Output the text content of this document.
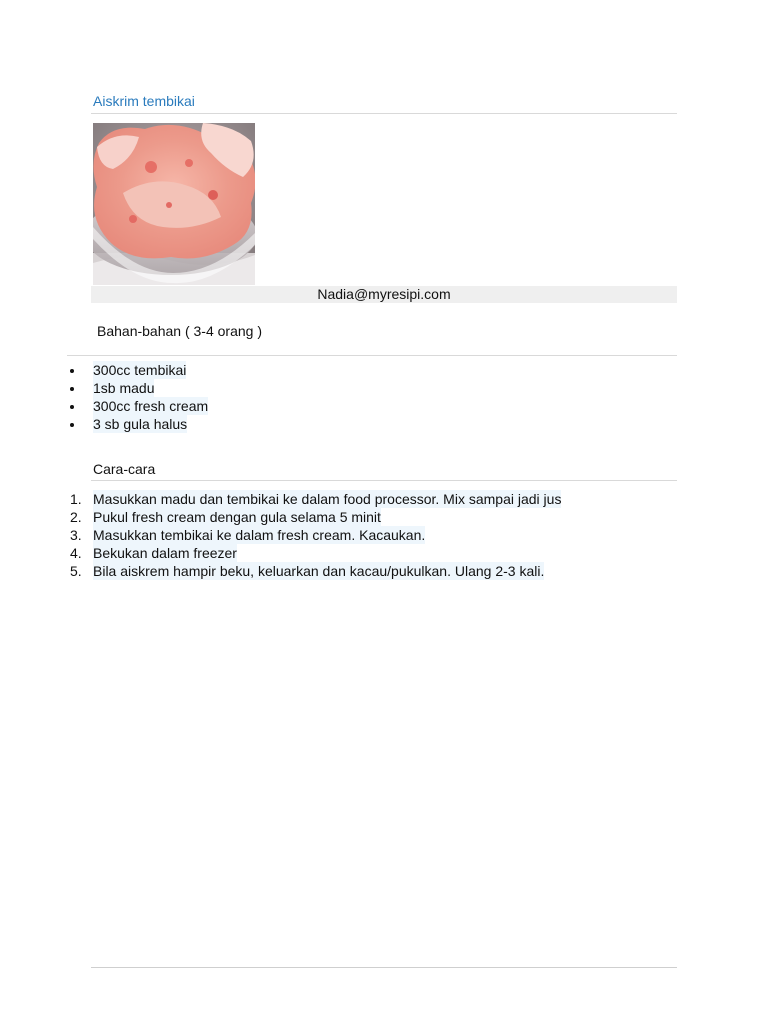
Aiskrim tembikai
Nadia@myresipi.com
Bahan-bahan ( 3-4 orang )
300cc tembikai
1sb madu
300cc fresh cream
3 sb gula halus
Cara-cara
1. Masukkan madu dan tembikai ke dalam food processor. Mix sampai jadi jus
2. Pukul fresh cream dengan gula selama 5 minit
3. Masukkan tembikai ke dalam fresh cream. Kacaukan.
4. Bekukan dalam freezer
5. Bila aiskrem hampir beku, keluarkan dan kacau/pukulkan. Ulang 2-3 kali.
